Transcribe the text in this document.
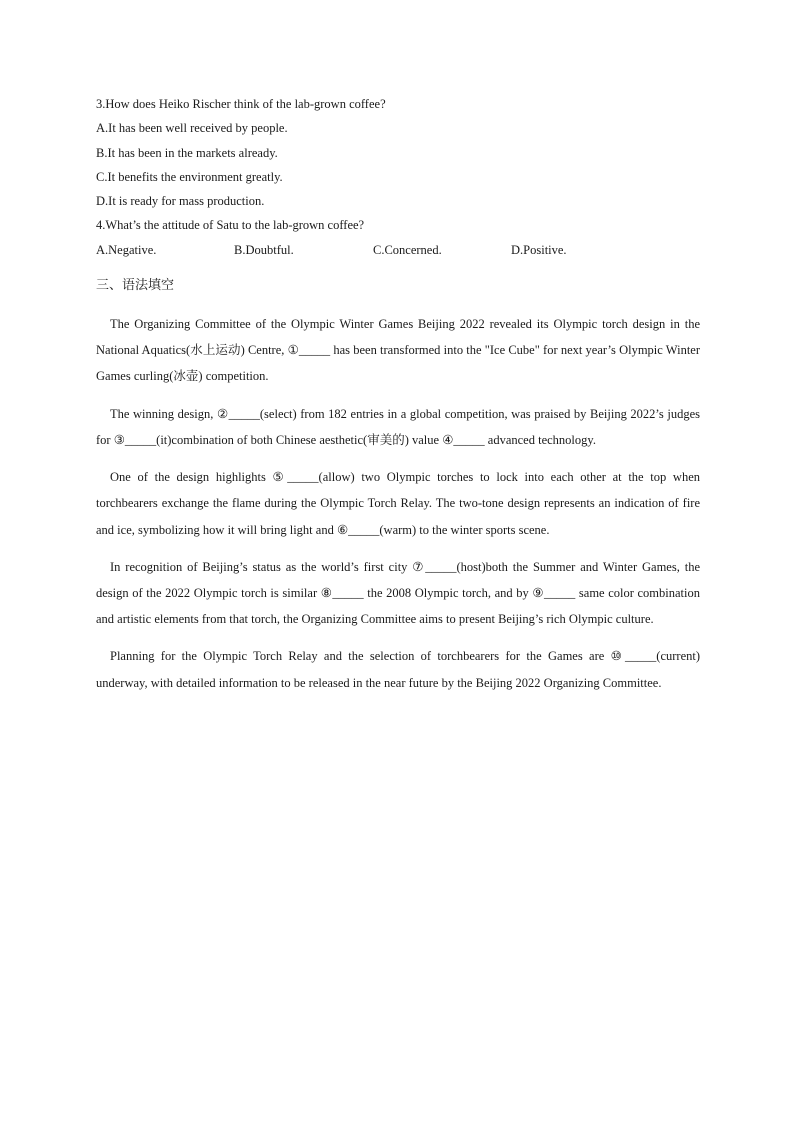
3.How does Heiko Rischer think of the lab-grown coffee?
A.It has been well received by people.
B.It has been in the markets already.
C.It benefits the environment greatly.
D.It is ready for mass production.
4.What’s the attitude of Satu to the lab-grown coffee?
A.Negative.	B.Doubtful.	C.Concerned.	D.Positive.
三、语法填空

The Organizing Committee of the Olympic Winter Games Beijing 2022 revealed its Olympic torch design in the National Aquatics(水上运动) Centre, ①_____ has been transformed into the "Ice Cube" for next year’s Olympic Winter Games curling(冰壶) competition.

The winning design, ②_____(select) from 182 entries in a global competition, was praised by Beijing 2022’s judges for ③_____(it)combination of both Chinese aesthetic(审美的) value ④_____ advanced technology.

One of the design highlights ⑤_____(allow) two Olympic torches to lock into each other at the top when torchbearers exchange the flame during the Olympic Torch Relay. The two-tone design represents an indication of fire and ice, symbolizing how it will bring light and ⑥_____(warm) to the winter sports scene.

In recognition of Beijing’s status as the world’s first city ⑦_____(host)both the Summer and Winter Games, the design of the 2022 Olympic torch is similar ⑧_____ the 2008 Olympic torch, and by ⑨_____ same color combination and artistic elements from that torch, the Organizing Committee aims to present Beijing’s rich Olympic culture.

Planning for the Olympic Torch Relay and the selection of torchbearers for the Games are ⑩_____(current) underway, with detailed information to be released in the near future by the Beijing 2022 Organizing Committee.
